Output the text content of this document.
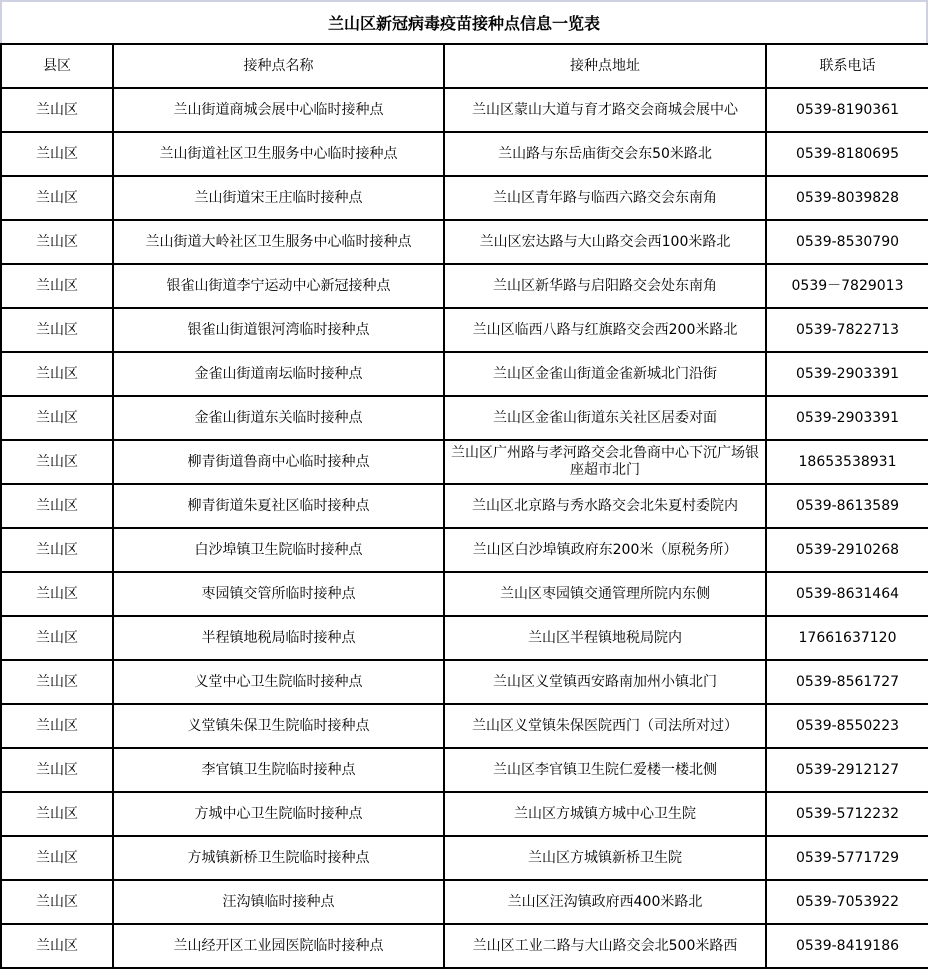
兰山区新冠病毒疫苗接种点信息一览表
县区	接种点名称	接种点地址	联系电话
兰山区	兰山街道商城会展中心临时接种点	兰山区蒙山大道与育才路交会商城会展中心	0539-8190361
兰山区	兰山街道社区卫生服务中心临时接种点	兰山路与东岳庙街交会东50米路北	0539-8180695
兰山区	兰山街道宋王庄临时接种点	兰山区青年路与临西六路交会东南角	0539-8039828
兰山区	兰山街道大岭社区卫生服务中心临时接种点	兰山区宏达路与大山路交会西100米路北	0539-8530790
兰山区	银雀山街道李宁运动中心新冠接种点	兰山区新华路与启阳路交会处东南角	0539－7829013
兰山区	银雀山街道银河湾临时接种点	兰山区临西八路与红旗路交会西200米路北	0539-7822713
兰山区	金雀山街道南坛临时接种点	兰山区金雀山街道金雀新城北门沿街	0539-2903391
兰山区	金雀山街道东关临时接种点	兰山区金雀山街道东关社区居委对面	0539-2903391
兰山区	柳青街道鲁商中心临时接种点	兰山区广州路与孝河路交会北鲁商中心下沉广场银座超市北门	18653538931
兰山区	柳青街道朱夏社区临时接种点	兰山区北京路与秀水路交会北朱夏村委院内	0539-8613589
兰山区	白沙埠镇卫生院临时接种点	兰山区白沙埠镇政府东200米（原税务所）	0539-2910268
兰山区	枣园镇交管所临时接种点	兰山区枣园镇交通管理所院内东侧	0539-8631464
兰山区	半程镇地税局临时接种点	兰山区半程镇地税局院内	17661637120
兰山区	义堂中心卫生院临时接种点	兰山区义堂镇西安路南加州小镇北门	0539-8561727
兰山区	义堂镇朱保卫生院临时接种点	兰山区义堂镇朱保医院西门（司法所对过）	0539-8550223
兰山区	李官镇卫生院临时接种点	兰山区李官镇卫生院仁爱楼一楼北侧	0539-2912127
兰山区	方城中心卫生院临时接种点	兰山区方城镇方城中心卫生院	0539-5712232
兰山区	方城镇新桥卫生院临时接种点	兰山区方城镇新桥卫生院	0539-5771729
兰山区	汪沟镇临时接种点	兰山区汪沟镇政府西400米路北	0539-7053922
兰山区	兰山经开区工业园医院临时接种点	兰山区工业二路与大山路交会北500米路西	0539-8419186
